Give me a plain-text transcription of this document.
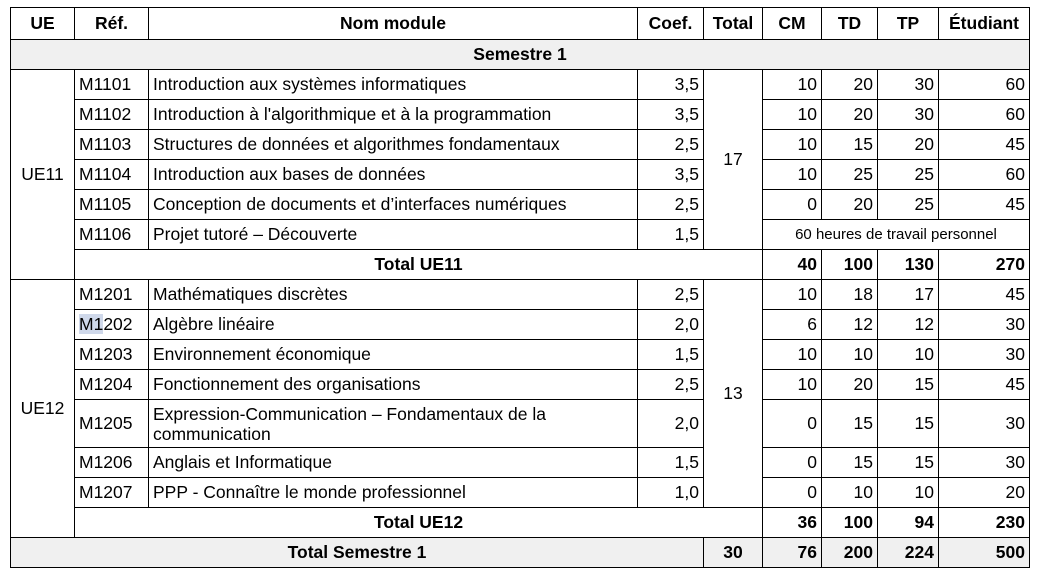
UE	Réf.	Nom module	Coef.	Total	CM	TD	TP	Étudiant
Semestre 1								
UE11	M1101	Introduction aux systèmes informatiques	3,5	17	10	20	30	60
	M1102	Introduction à l'algorithmique et à la programmation	3,5		10	20	30	60
	M1103	Structures de données et algorithmes fondamentaux	2,5		10	15	20	45
	M1104	Introduction aux bases de données	3,5		10	25	25	60
	M1105	Conception de documents et d’interfaces numériques	2,5		0	20	25	45
	M1106	Projet tutoré – Découverte	1,5		60 heures de travail personnel			
	Total UE11				40	100	130	270
UE12	M1201	Mathématiques discrètes	2,5	13	10	18	17	45
	M1202	Algèbre linéaire	2,0		6	12	12	30
	M1203	Environnement économique	1,5		10	10	10	30
	M1204	Fonctionnement des organisations	2,5		10	20	15	45
	M1205	Expression-Communication – Fondamentaux de la communication	2,0		0	15	15	30
	M1206	Anglais et Informatique	1,5		0	15	15	30
	M1207	PPP - Connaître le monde professionnel	1,0		0	10	10	20
	Total UE12				36	100	94	230
Total Semestre 1				30	76	200	224	500
